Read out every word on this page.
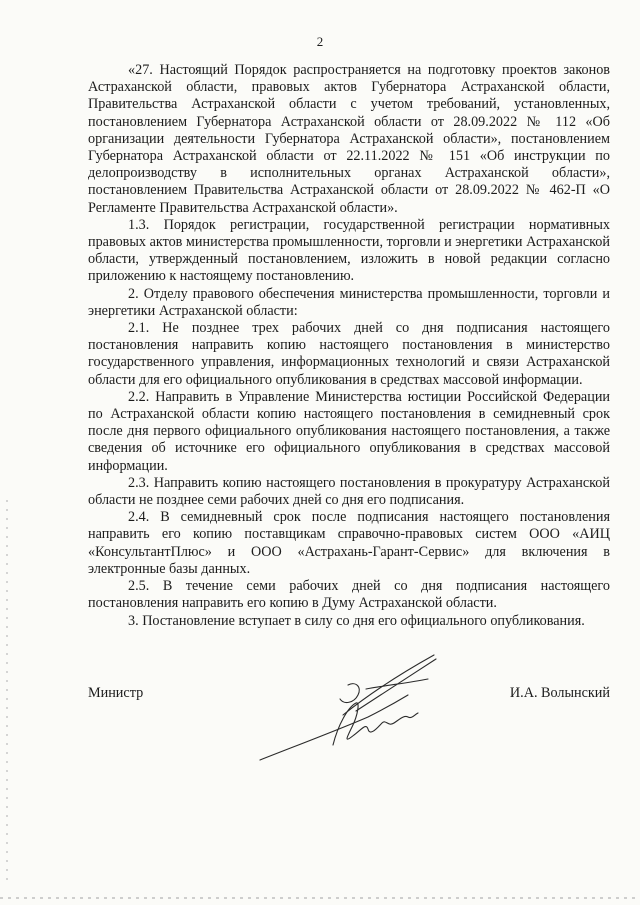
2

«27. Настоящий Порядок распространяется на подготовку проектов законов Астраханской области, правовых актов Губернатора Астраханской области, Правительства Астраханской области с учетом требований, установленных, постановлением Губернатора Астраханской области от 28.09.2022 № 112 «Об организации деятельности Губернатора Астраханской области», постановлением Губернатора Астраханской области от 22.11.2022 № 151 «Об инструкции по делопроизводству в исполнительных органах Астраханской области», постановлением Правительства Астраханской области от 28.09.2022 № 462-П «О Регламенте Правительства Астраханской области».

1.3. Порядок регистрации, государственной регистрации нормативных правовых актов министерства промышленности, торговли и энергетики Астраханской области, утвержденный постановлением, изложить в новой редакции согласно приложению к настоящему постановлению.

2. Отделу правового обеспечения министерства промышленности, торговли и энергетики Астраханской области:

2.1. Не позднее трех рабочих дней со дня подписания настоящего постановления направить копию настоящего постановления в министерство государственного управления, информационных технологий и связи Астраханской области для его официального опубликования в средствах массовой информации.

2.2. Направить в Управление Министерства юстиции Российской Федерации по Астраханской области копию настоящего постановления в семидневный срок после дня первого официального опубликования настоящего постановления, а также сведения об источнике его официального опубликования в средствах массовой информации.

2.3. Направить копию настоящего постановления в прокуратуру Астраханской области не позднее семи рабочих дней со дня его подписания.

2.4. В семидневный срок после подписания настоящего постановления направить его копию поставщикам справочно-правовых систем ООО «АИЦ «КонсультантПлюс» и ООО «Астрахань-Гарант-Сервис» для включения в электронные базы данных.

2.5. В течение семи рабочих дней со дня подписания настоящего постановления направить его копию в Думу Астраханской области.

3. Постановление вступает в силу со дня его официального опубликования.

Министр	И.А. Волынский
